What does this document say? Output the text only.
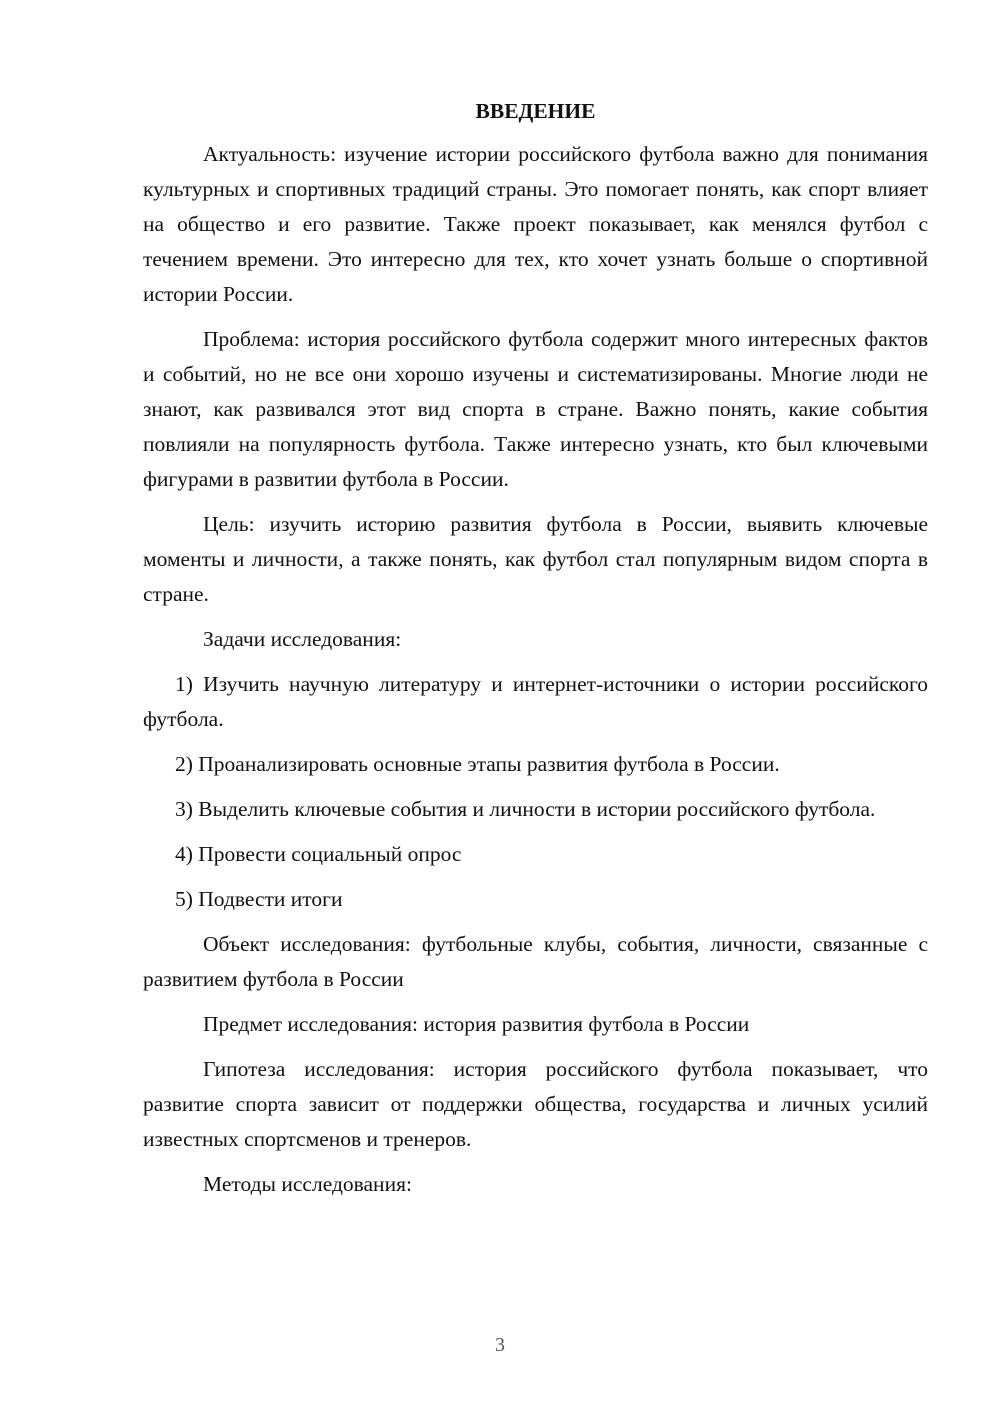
ВВЕДЕНИЕ

Актуальность: изучение истории российского футбола важно для понимания культурных и спортивных традиций страны. Это помогает понять, как спорт влияет на общество и его развитие. Также проект показывает, как менялся футбол с течением времени. Это интересно для тех, кто хочет узнать больше о спортивной истории России.

Проблема: история российского футбола содержит много интересных фактов и событий, но не все они хорошо изучены и систематизированы. Многие люди не знают, как развивался этот вид спорта в стране. Важно понять, какие события повлияли на популярность футбола. Также интересно узнать, кто был ключевыми фигурами в развитии футбола в России.

Цель: изучить историю развития футбола в России, выявить ключевые моменты и личности, а также понять, как футбол стал популярным видом спорта в стране.

Задачи исследования:

1) Изучить научную литературу и интернет-источники о истории российского футбола.

2) Проанализировать основные этапы развития футбола в России.

3) Выделить ключевые события и личности в истории российского футбола.

4) Провести социальный опрос

5) Подвести итоги

Объект исследования: футбольные клубы, события, личности, связанные с развитием футбола в России

Предмет исследования: история развития футбола в России

Гипотеза исследования: история российского футбола показывает, что развитие спорта зависит от поддержки общества, государства и личных усилий известных спортсменов и тренеров.

Методы исследования:

3
